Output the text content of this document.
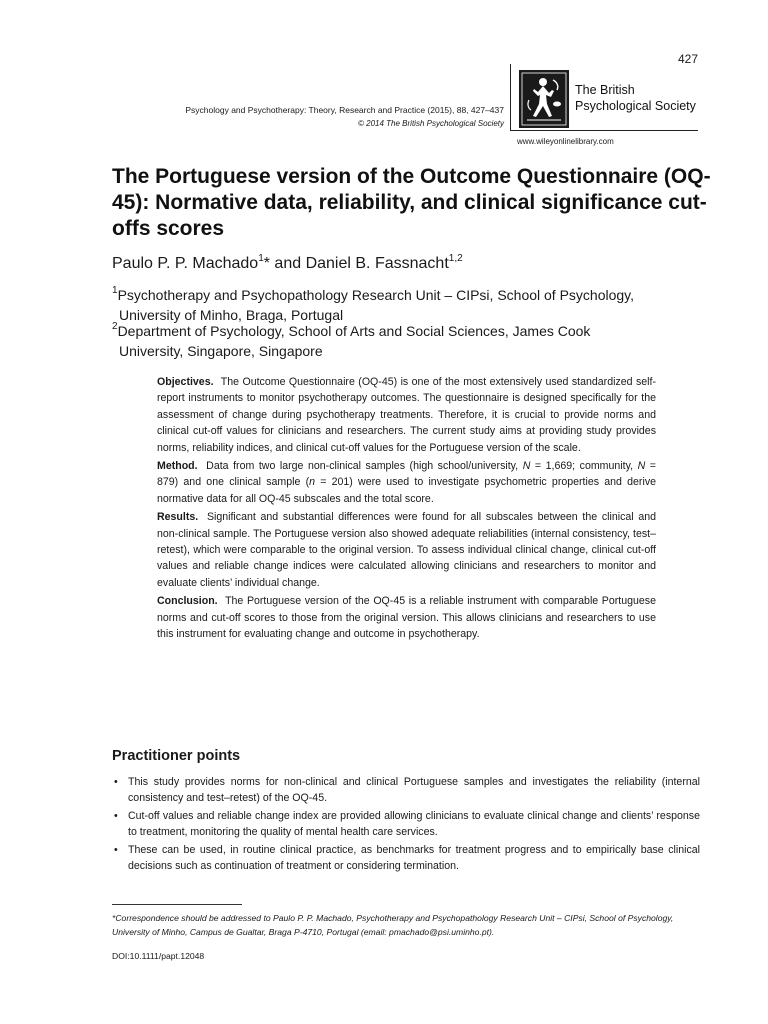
427
Psychology and Psychotherapy: Theory, Research and Practice (2015), 88, 427–437
© 2014 The British Psychological Society
The British
Psychological Society
www.wileyonlinelibrary.com
The Portuguese version of the Outcome Questionnaire (OQ-45): Normative data, reliability, and clinical significance cut-offs scores
Paulo P. P. Machado$^1$* and Daniel B. Fassnacht$^{1,2}$
$^1$Psychotherapy and Psychopathology Research Unit – CIPsi, School of Psychology,
University of Minho, Braga, Portugal
$^2$Department of Psychology, School of Arts and Social Sciences, James Cook
University, Singapore, Singapore

Objectives. The Outcome Questionnaire (OQ-45) is one of the most extensively used standardized self-report instruments to monitor psychotherapy outcomes. The questionnaire is designed specifically for the assessment of change during psychotherapy treatments. Therefore, it is crucial to provide norms and clinical cut-off values for clinicians and researchers. The current study aims at providing study provides norms, reliability indices, and clinical cut-off values for the Portuguese version of the scale.

Method. Data from two large non-clinical samples (high school/university, N = 1,669; community, N = 879) and one clinical sample (n = 201) were used to investigate psychometric properties and derive normative data for all OQ-45 subscales and the total score.

Results. Significant and substantial differences were found for all subscales between the clinical and non-clinical sample. The Portuguese version also showed adequate reliabilities (internal consistency, test–retest), which were comparable to the original version. To assess individual clinical change, clinical cut-off values and reliable change indices were calculated allowing clinicians and researchers to monitor and evaluate clients’ individual change.

Conclusion. The Portuguese version of the OQ-45 is a reliable instrument with comparable Portuguese norms and cut-off scores to those from the original version. This allows clinicians and researchers to use this instrument for evaluating change and outcome in psychotherapy.

Practitioner points
• This study provides norms for non-clinical and clinical Portuguese samples and investigates the reliability (internal consistency and test–retest) of the OQ-45.
• Cut-off values and reliable change index are provided allowing clinicians to evaluate clinical change and clients’ response to treatment, monitoring the quality of mental health care services.
• These can be used, in routine clinical practice, as benchmarks for treatment progress and to empirically base clinical decisions such as continuation of treatment or considering termination.
*Correspondence should be addressed to Paulo P. P. Machado, Psychotherapy and Psychopathology Research Unit – CIPsi, School of Psychology, University of Minho, Campus de Gualtar, Braga P-4710, Portugal (email: pmachado@psi.uminho.pt).
DOI:10.1111/papt.12048
